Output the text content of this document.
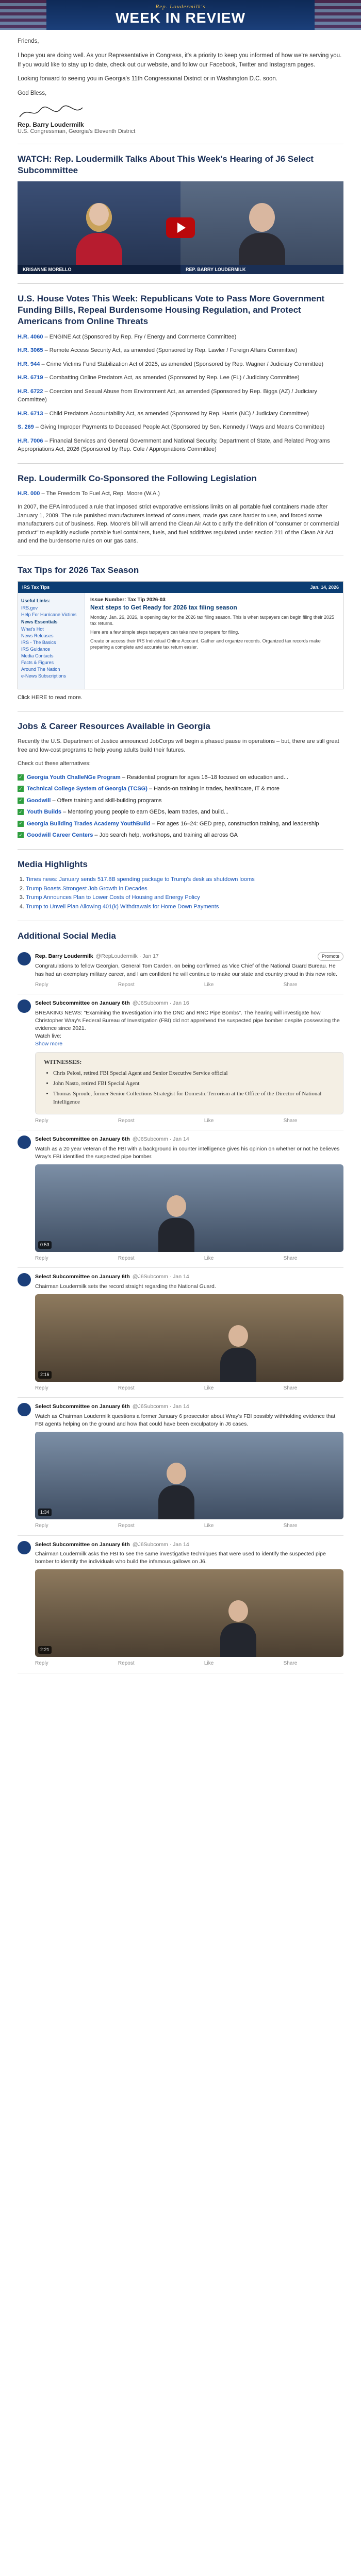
Rep. Loudermilk's
WEEK IN REVIEW

Friends,

I hope you are doing well. As your Representative in Congress, it's a priority to keep you informed of how we're serving you. If you would like to stay up to date, check out our website, and follow our Facebook, Twitter and Instagram pages.

Looking forward to seeing you in Georgia's 11th Congressional District or in Washington D.C. soon.

God Bless,

Rep. Barry Loudermilk
U.S. Congressman, Georgia's Eleventh District
WATCH: Rep. Loudermilk Talks About This Week's Hearing of J6 Select Subcommittee
KRISANNE MORELLO	REP. BARRY LOUDERMILK
U.S. House Votes This Week: Republicans Vote to Pass More Government Funding Bills, Repeal Burdensome Housing Regulation, and Protect Americans from Online Threats
H.R. 4060 – ENGINE Act (Sponsored by Rep. Fry / Energy and Commerce Committee)
H.R. 3065 – Remote Access Security Act, as amended (Sponsored by Rep. Lawler / Foreign Affairs Committee)
H.R. 944 – Crime Victims Fund Stabilization Act of 2025, as amended (Sponsored by Rep. Wagner / Judiciary Committee)
H.R. 6719 – Combatting Online Predators Act, as amended (Sponsored by Rep. Lee (FL) / Judiciary Committee)
H.R. 6722 – Coercion and Sexual Abuse from Environment Act, as amended (Sponsored by Rep. Biggs (AZ) / Judiciary Committee)
H.R. 6713 – Child Predators Accountability Act, as amended (Sponsored by Rep. Harris (NC) / Judiciary Committee)
S. 269 – Giving Improper Payments to Deceased People Act (Sponsored by Sen. Kennedy / Ways and Means Committee)
H.R. 7006 – Financial Services and General Government and National Security, Department of State, and Related Programs Appropriations Act, 2026 (Sponsored by Rep. Cole / Appropriations Committee)
Rep. Loudermilk Co-Sponsored the Following Legislation
H.R. 000 – The Freedom To Fuel Act, Rep. Moore (W.A.)
In 2007, the EPA introduced a rule that imposed strict evaporative emissions limits on all portable fuel containers made after January 1, 2009. The rule punished manufacturers instead of consumers, made gas cans harder to use, and forced some manufacturers out of business. Rep. Moore's bill will amend the Clean Air Act to clarify the definition of "consumer or commercial product" to explicitly exclude portable fuel containers, fuels, and fuel additives regulated under section 211 of the Clean Air Act and end the burdensome rules on our gas cans.
Tax Tips for 2026 Tax Season
IRS Tax Tips	Jan. 14, 2026
Useful Links:
IRS.gov
Help For Hurricane Victims
News Essentials
What's Hot
News Releases
IRS - The Basics
IRS Guidance
Media Contacts
Facts & Figures
Around The Nation
e-News Subscriptions
Issue Number: Tax Tip 2026-03
Next steps to Get Ready for 2026 tax filing season

Monday, Jan. 26, 2026, is opening day for the 2026 tax filing season. This is when taxpayers can begin filing their 2025 tax returns.

Here are a few simple steps taxpayers can take now to prepare for filing.

Create or access their IRS Individual Online Account. Gather and organize records. Organized tax records make preparing a complete and accurate tax return easier.

Click HERE to read more.
Jobs & Career Resources Available in Georgia

Recently the U.S. Department of Justice announced JobCorps will begin a phased pause in operations – but, there are still great free and low-cost programs to help young adults build their futures.

Check out these alternatives:

✓ Georgia Youth ChalleNGe Program – Residential program for ages 16–18 focused on education and...
✓ Technical College System of Georgia (TCSG) – Hands-on training in trades, healthcare, IT & more
✓ Goodwill – Offers training and skill-building programs
✓ Youth Builds – Mentoring young people to earn GEDs, learn trades, and build...
✓ Georgia Building Trades Academy YouthBuild – For ages 16–24: GED prep, construction training, and leadership
✓ Goodwill Career Centers – Job search help, workshops, and training all across GA
Media Highlights
1. Times news: January sends 517.8B spending package to Trump's desk as shutdown looms
2. Trump Boasts Strongest Job Growth in Decades
3. Trump Announces Plan to Lower Costs of Housing and Energy Policy
4. Trump to Unveil Plan Allowing 401(k) Withdrawals for Home Down Payments
Additional Social Media
Rep. Barry Loudermilk @RepLoudermilk · Jan 17	Promote
Congratulations to fellow Georgian, General Tom Carden, on being confirmed as Vice Chief of the National Guard Bureau. He has had an exemplary military career, and I am confident he will continue to make our state and country proud in this new role.
Reply	Repost	Like	Share
Select Subcommittee on January 6th @J6Subcomm · Jan 16
BREAKING NEWS: "Examining the Investigation into the DNC and RNC Pipe Bombs". The hearing will investigate how Christopher Wray's Federal Bureau of Investigation (FBI) did not apprehend the suspected pipe bomber despite possessing the evidence since 2021.
Watch live:
Show more
WITNESSES:
• Chris Pelosi, retired FBI Special Agent and Senior Executive Service official
• John Nasto, retired FBI Special Agent
• Thomas Sproule, former Senior Collections Strategist for Domestic Terrorism at the Office of the Director of National Intelligence
Reply	Repost	Like	Share
Select Subcommittee on January 6th @J6Subcomm · Jan 14
Watch as a 20 year veteran of the FBI with a background in counter intelligence gives his opinion on whether or not he believes Wray's FBI identified the suspected pipe bomber.
0:53
Reply	Repost	Like	Share
Select Subcommittee on January 6th @J6Subcomm · Jan 14
Chairman Loudermilk sets the record straight regarding the National Guard.
2:16
Reply	Repost	Like	Share
Select Subcommittee on January 6th @J6Subcomm · Jan 14
Watch as Chairman Loudermilk questions a former January 6 prosecutor about Wray's FBI possibly withholding evidence that FBI agents helping on the ground and how that could have been exculpatory in J6 cases.
1:34
Reply	Repost	Like	Share
Select Subcommittee on January 6th @J6Subcomm · Jan 14
Chairman Loudermilk asks the FBI to see the same investigative techniques that were used to identify the suspected pipe bomber to identify the individuals who build the infamous gallows on J6.
2:21
Reply	Repost	Like	Share
